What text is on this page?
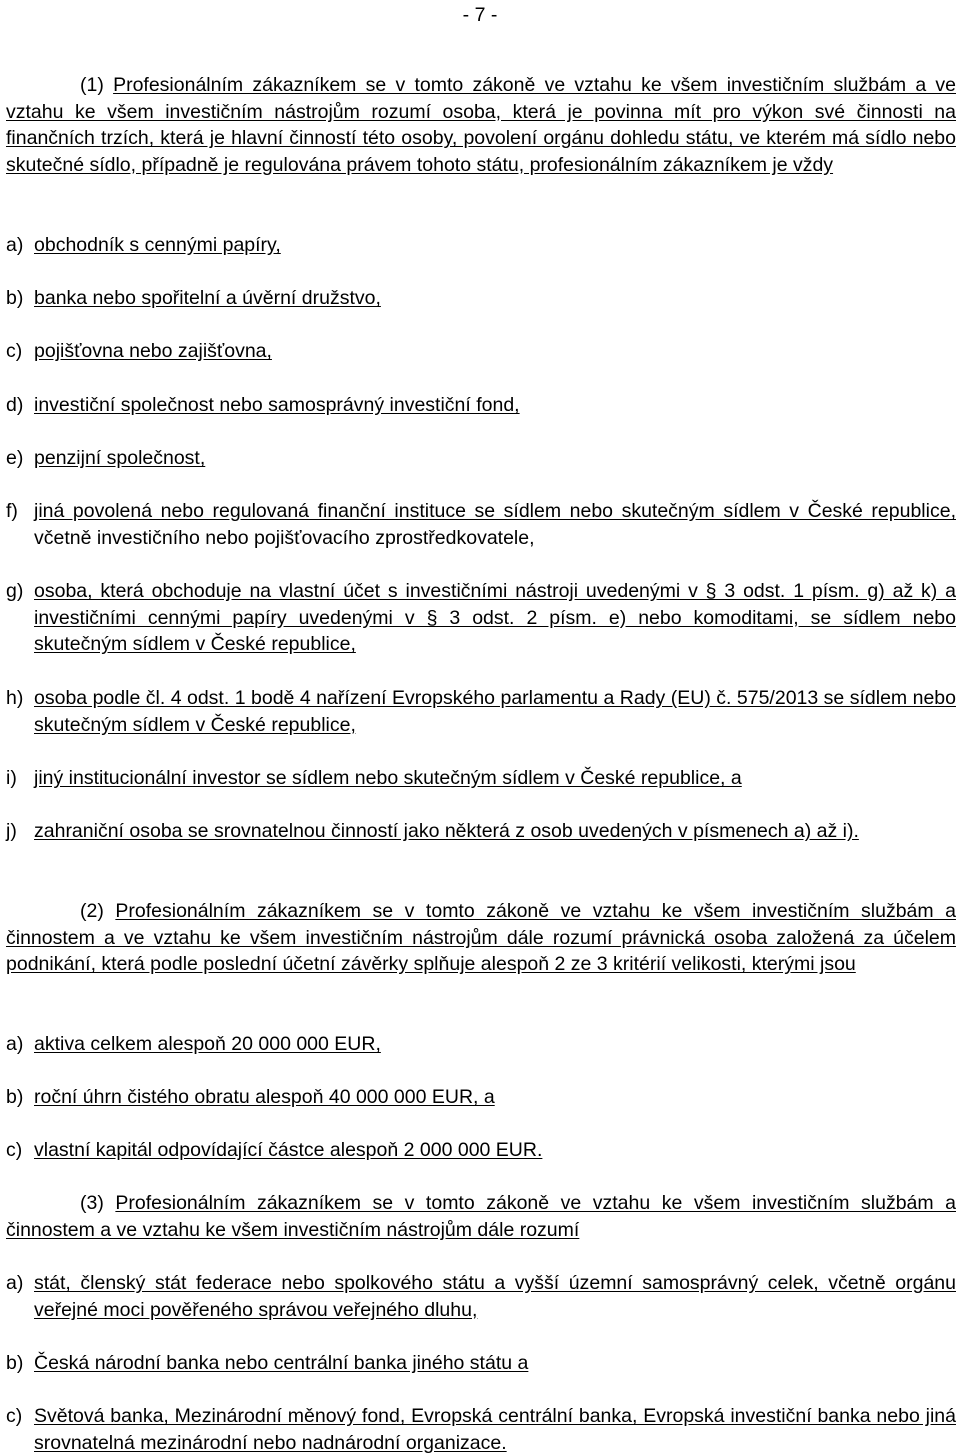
- 7 -
(1) Profesionálním zákazníkem se v tomto zákoně ve vztahu ke všem investičním službám a ve vztahu ke všem investičním nástrojům rozumí osoba, která je povinna mít pro výkon své činnosti na finančních trzích, která je hlavní činností této osoby, povolení orgánu dohledu státu, ve kterém má sídlo nebo skutečné sídlo, případně je regulována právem tohoto státu, profesionálním zákazníkem je vždy
a) obchodník s cennými papíry,
b) banka nebo spořitelní a úvěrní družstvo,
c) pojišťovna nebo zajišťovna,
d) investiční společnost nebo samosprávný investiční fond,
e) penzijní společnost,
f) jiná povolená nebo regulovaná finanční instituce se sídlem nebo skutečným sídlem v České republice, včetně investičního nebo pojišťovacího zprostředkovatele,
g) osoba, která obchoduje na vlastní účet s investičními nástroji uvedenými v § 3 odst. 1 písm. g) až k) a investičními cennými papíry uvedenými v § 3 odst. 2 písm. e) nebo komoditami, se sídlem nebo skutečným sídlem v České republice,
h) osoba podle čl. 4 odst. 1 bodě 4 nařízení Evropského parlamentu a Rady (EU) č. 575/2013 se sídlem nebo skutečným sídlem v České republice,
i) jiný institucionální investor se sídlem nebo skutečným sídlem v České republice, a
j) zahraniční osoba se srovnatelnou činností jako některá z osob uvedených v písmenech a) až i).
(2) Profesionálním zákazníkem se v tomto zákoně ve vztahu ke všem investičním službám a činnostem a ve vztahu ke všem investičním nástrojům dále rozumí právnická osoba založená za účelem podnikání, která podle poslední účetní závěrky splňuje alespoň 2 ze 3 kritérií velikosti, kterými jsou
a) aktiva celkem alespoň 20 000 000 EUR,
b) roční úhrn čistého obratu alespoň 40 000 000 EUR, a
c) vlastní kapitál odpovídající částce alespoň 2 000 000 EUR.
(3) Profesionálním zákazníkem se v tomto zákoně ve vztahu ke všem investičním službám a činnostem a ve vztahu ke všem investičním nástrojům dále rozumí
a) stát, členský stát federace nebo spolkového státu a vyšší územní samosprávný celek, včetně orgánu veřejné moci pověřeného správou veřejného dluhu,
b) Česká národní banka nebo centrální banka jiného státu a
c) Světová banka, Mezinárodní měnový fond, Evropská centrální banka, Evropská investiční banka nebo jiná srovnatelná mezinárodní nebo nadnárodní organizace.
